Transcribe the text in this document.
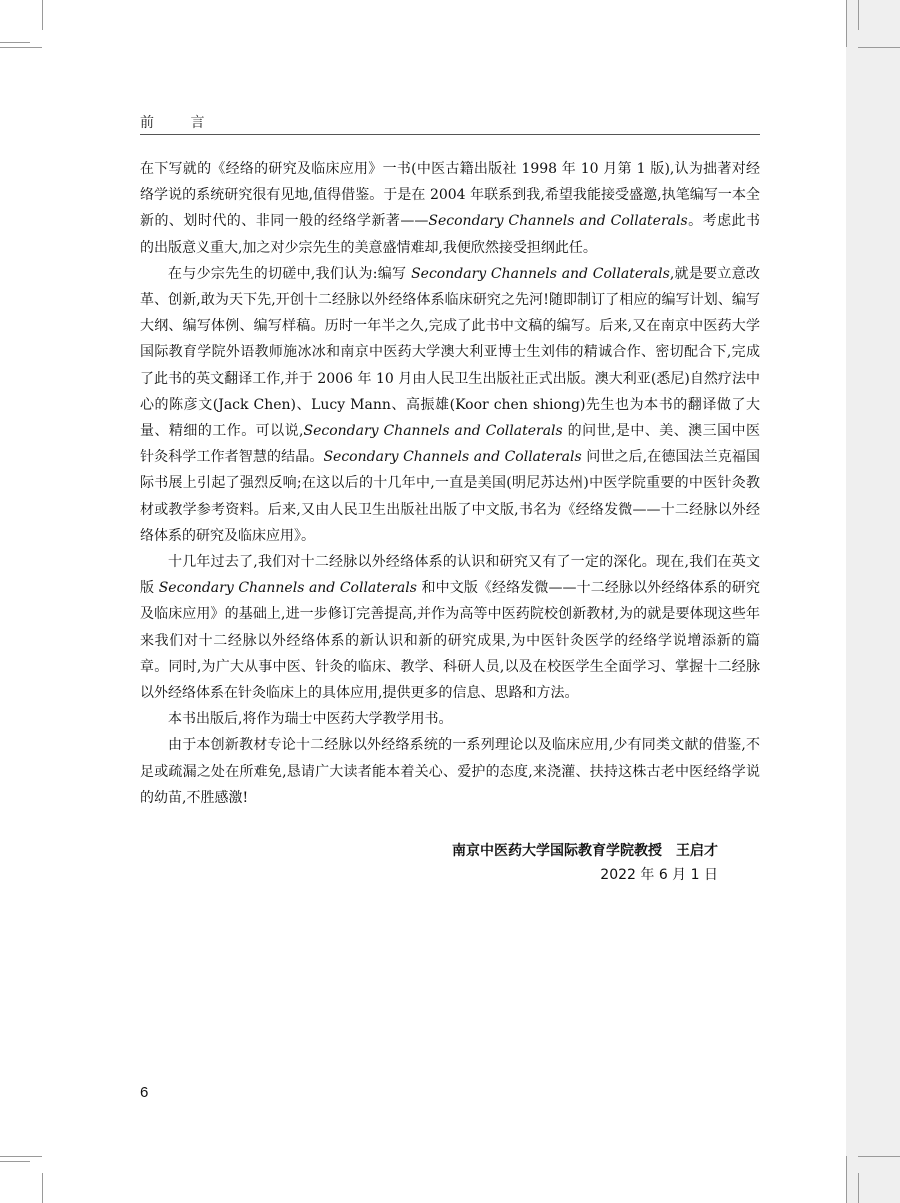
前 言

在下写就的《经络的研究及临床应用》一书(中医古籍出版社 1998 年 10 月第 1 版),认为拙著对经络学说的系统研究很有见地,值得借鉴。于是在 2004 年联系到我,希望我能接受盛邀,执笔编写一本全新的、划时代的、非同一般的经络学新著——Secondary Channels and Collaterals。考虑此书的出版意义重大,加之对少宗先生的美意盛情难却,我便欣然接受担纲此任。

在与少宗先生的切磋中,我们认为:编写 Secondary Channels and Collaterals,就是要立意改革、创新,敢为天下先,开创十二经脉以外经络体系临床研究之先河!随即制订了相应的编写计划、编写大纲、编写体例、编写样稿。历时一年半之久,完成了此书中文稿的编写。后来,又在南京中医药大学国际教育学院外语教师施冰冰和南京中医药大学澳大利亚博士生刘伟的精诚合作、密切配合下,完成了此书的英文翻译工作,并于 2006 年 10 月由人民卫生出版社正式出版。澳大利亚(悉尼)自然疗法中心的陈彦文(Jack Chen)、Lucy Mann、高振雄(Koor chen shiong)先生也为本书的翻译做了大量、精细的工作。可以说,Secondary Channels and Collaterals 的问世,是中、美、澳三国中医针灸科学工作者智慧的结晶。Secondary Channels and Collaterals 问世之后,在德国法兰克福国际书展上引起了强烈反响;在这以后的十几年中,一直是美国(明尼苏达州)中医学院重要的中医针灸教材或教学参考资料。后来,又由人民卫生出版社出版了中文版,书名为《经络发微——十二经脉以外经络体系的研究及临床应用》。

十几年过去了,我们对十二经脉以外经络体系的认识和研究又有了一定的深化。现在,我们在英文版 Secondary Channels and Collaterals 和中文版《经络发微——十二经脉以外经络体系的研究及临床应用》的基础上,进一步修订完善提高,并作为高等中医药院校创新教材,为的就是要体现这些年来我们对十二经脉以外经络体系的新认识和新的研究成果,为中医针灸医学的经络学说增添新的篇章。同时,为广大从事中医、针灸的临床、教学、科研人员,以及在校医学生全面学习、掌握十二经脉以外经络体系在针灸临床上的具体应用,提供更多的信息、思路和方法。

本书出版后,将作为瑞士中医药大学教学用书。

由于本创新教材专论十二经脉以外经络系统的一系列理论以及临床应用,少有同类文献的借鉴,不足或疏漏之处在所难免,恳请广大读者能本着关心、爱护的态度,来浇灌、扶持这株古老中医经络学说的幼苗,不胜感激!

南京中医药大学国际教育学院教授　王启才
2022 年 6 月 1 日
6
